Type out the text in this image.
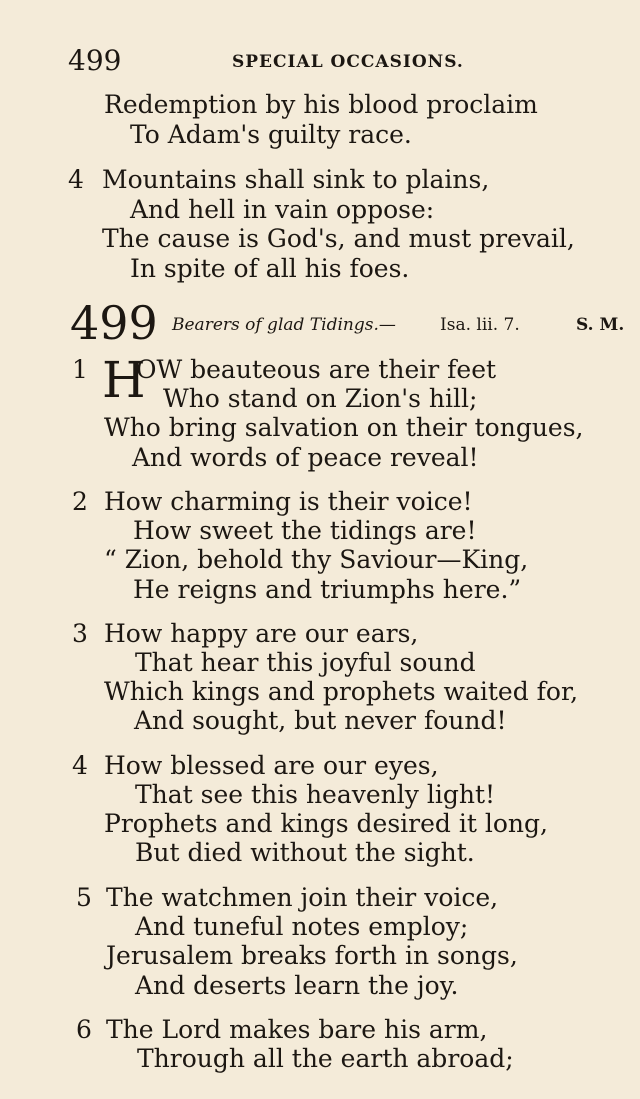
499	SPECIAL OCCASIONS.
Redemption by his blood proclaim
To Adam's guilty race.
4 Mountains shall sink to plains,
And hell in vain oppose:
The cause is God's, and must prevail,
In spite of all his foes.
499 Bearers of glad Tidings.—	Isa. lii. 7.	S. M.
1 H
OW beauteous are their feet
Who stand on Zion's hill;
Who bring salvation on their tongues,
And words of peace reveal!
2 How charming is their voice!
How sweet the tidings are!
“ Zion, behold thy Saviour—King,
He reigns and triumphs here.”
3 How happy are our ears,
That hear this joyful sound
Which kings and prophets waited for,
And sought, but never found!
4 How blessed are our eyes,
That see this heavenly light!
Prophets and kings desired it long,
But died without the sight.
5 The watchmen join their voice,
And tuneful notes employ;
Jerusalem breaks forth in songs,
And deserts learn the joy.
6 The Lord makes bare his arm,
Through all the earth abroad;
